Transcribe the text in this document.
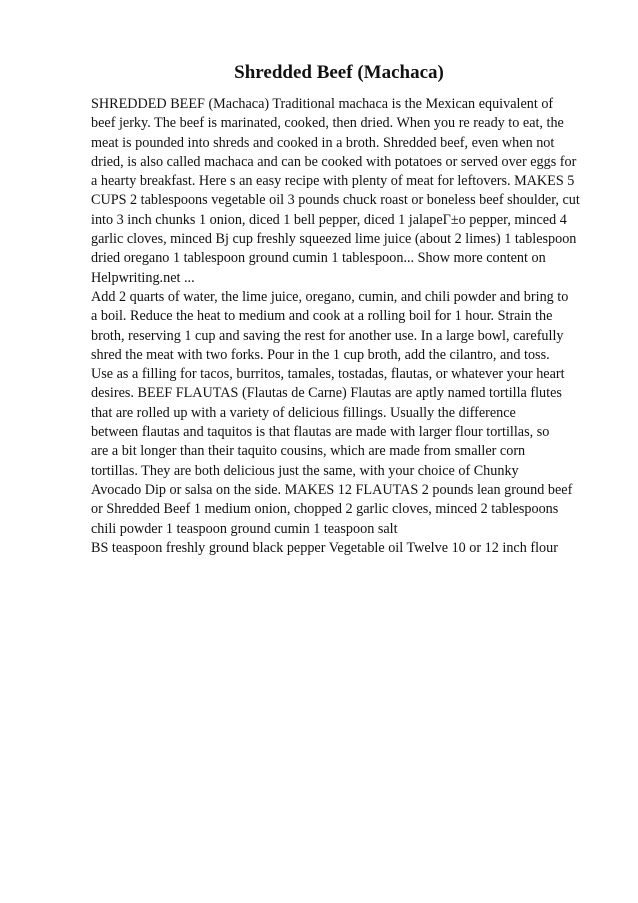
Shredded Beef (Machaca)
SHREDDED BEEF (Machaca) Traditional machaca is the Mexican equivalent of
beef jerky. The beef is marinated, cooked, then dried. When you re ready to eat, the
meat is pounded into shreds and cooked in a broth. Shredded beef, even when not
dried, is also called machaca and can be cooked with potatoes or served over eggs for
a hearty breakfast. Here s an easy recipe with plenty of meat for leftovers. MAKES 5
CUPS 2 tablespoons vegetable oil 3 pounds chuck roast or boneless beef shoulder, cut
into 3 inch chunks 1 onion, diced 1 bell pepper, diced 1 jalapeΓ±o pepper, minced 4
garlic cloves, minced Bj cup freshly squeezed lime juice (about 2 limes) 1 tablespoon
dried oregano 1 tablespoon ground cumin 1 tablespoon... Show more content on
Helpwriting.net ...
Add 2 quarts of water, the lime juice, oregano, cumin, and chili powder and bring to
a boil. Reduce the heat to medium and cook at a rolling boil for 1 hour. Strain the
broth, reserving 1 cup and saving the rest for another use. In a large bowl, carefully
shred the meat with two forks. Pour in the 1 cup broth, add the cilantro, and toss.
Use as a filling for tacos, burritos, tamales, tostadas, flautas, or whatever your heart
desires. BEEF FLAUTAS (Flautas de Carne) Flautas are aptly named tortilla flutes
that are rolled up with a variety of delicious fillings. Usually the difference
between flautas and taquitos is that flautas are made with larger flour tortillas, so
are a bit longer than their taquito cousins, which are made from smaller corn
tortillas. They are both delicious just the same, with your choice of Chunky
Avocado Dip or salsa on the side. MAKES 12 FLAUTAS 2 pounds lean ground beef
or Shredded Beef 1 medium onion, chopped 2 garlic cloves, minced 2 tablespoons
chili powder 1 teaspoon ground cumin 1 teaspoon salt
BS teaspoon freshly ground black pepper Vegetable oil Twelve 10 or 12 inch flour
